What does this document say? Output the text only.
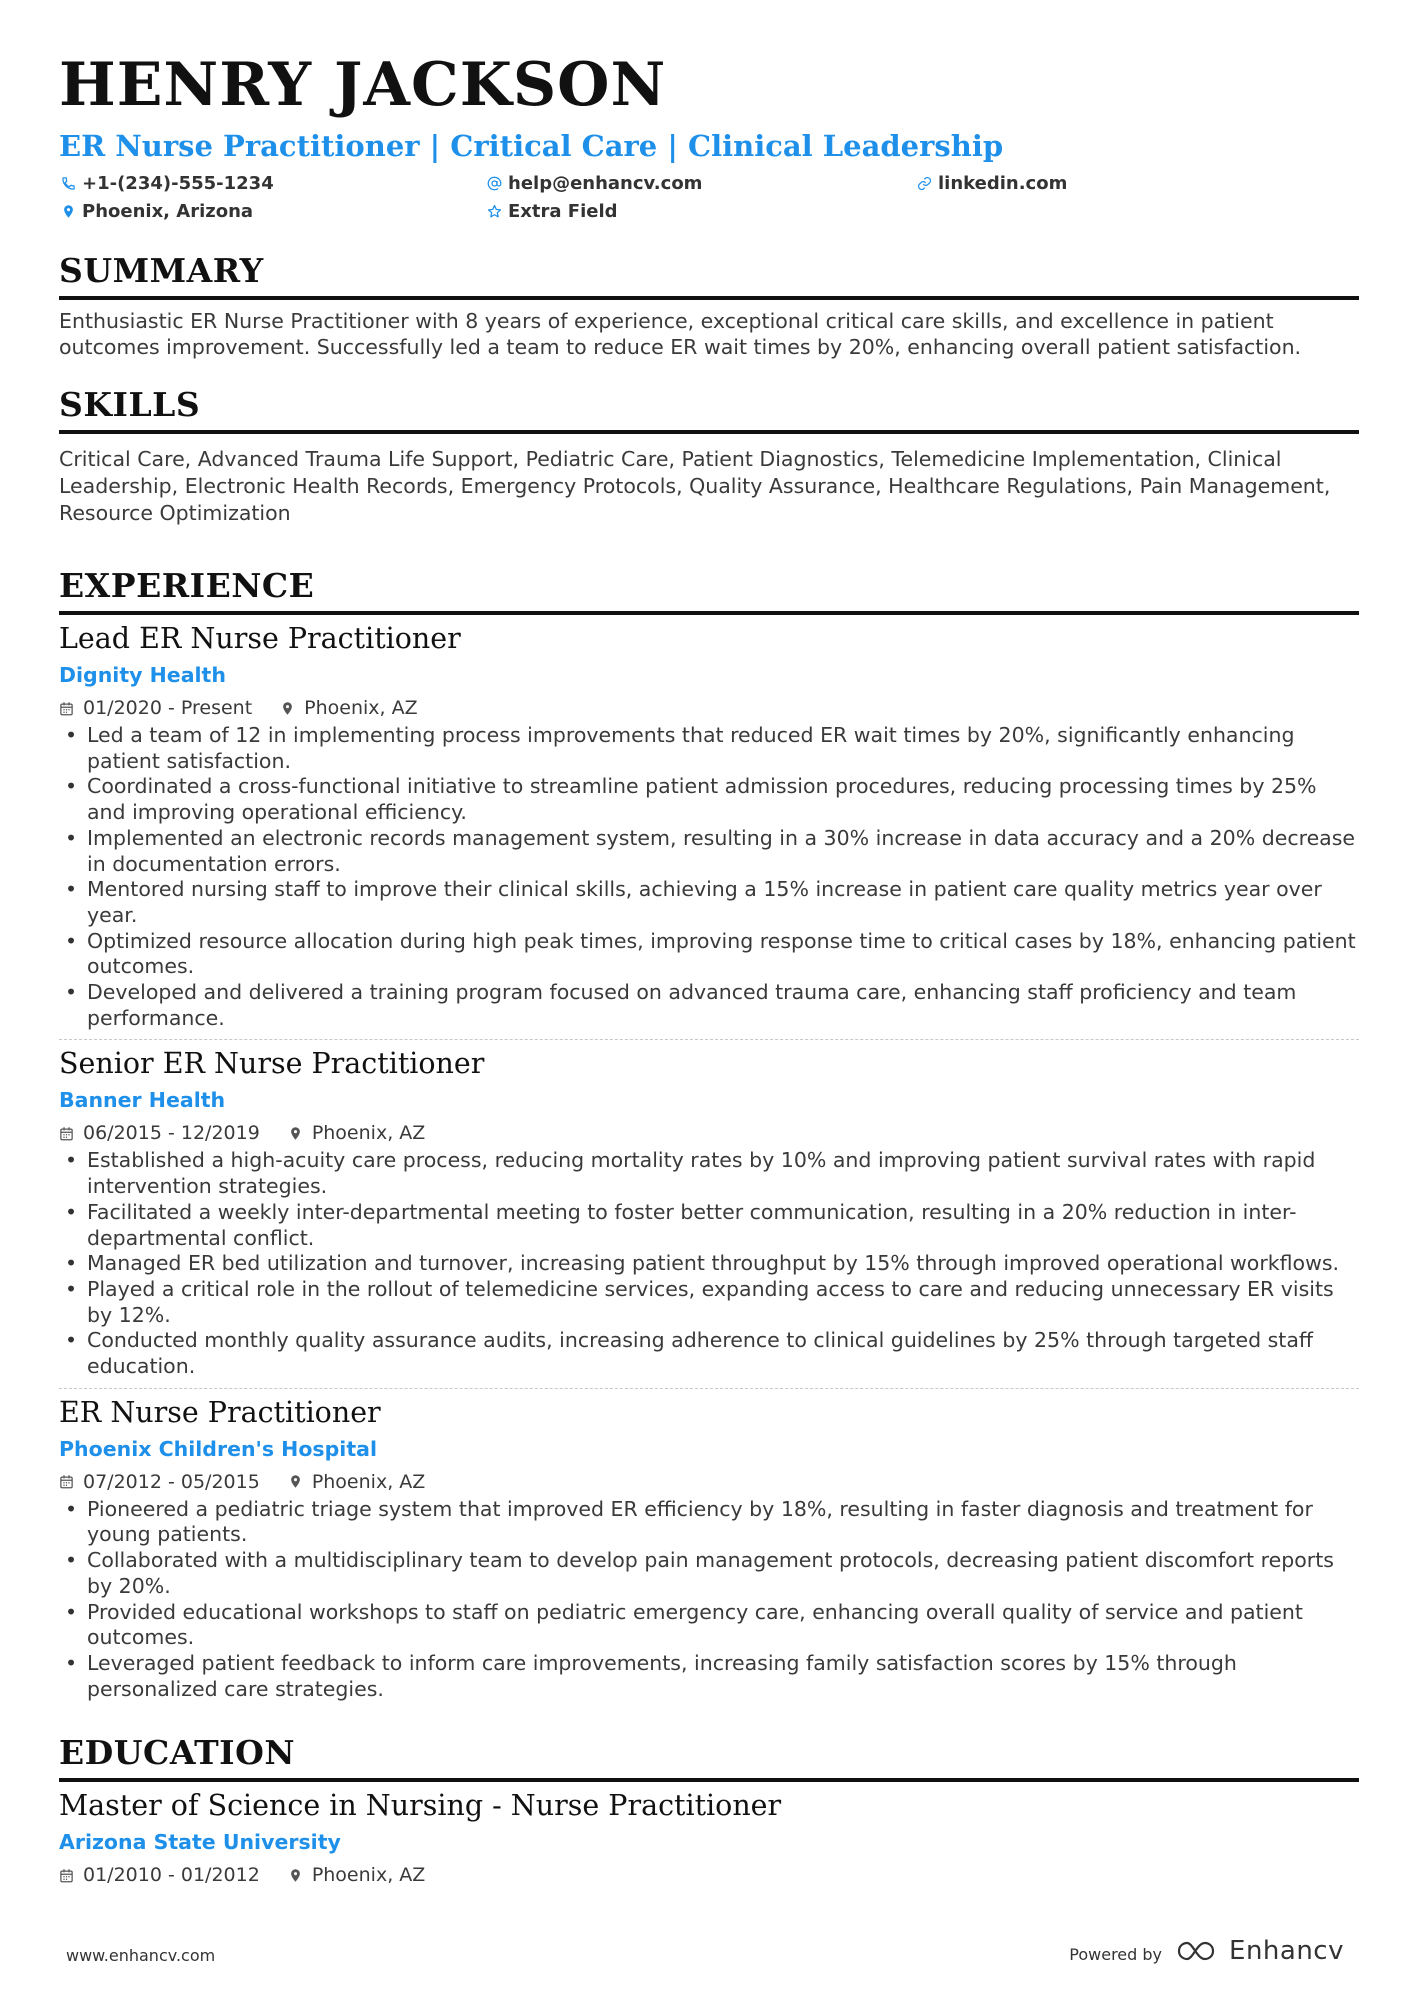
HENRY JACKSON
ER Nurse Practitioner | Critical Care | Clinical Leadership
+1-(234)-555-1234	help@enhancv.com	linkedin.com
Phoenix, Arizona	Extra Field
SUMMARY

Enthusiastic ER Nurse Practitioner with 8 years of experience, exceptional critical care skills, and excellence in patient outcomes improvement. Successfully led a team to reduce ER wait times by 20%, enhancing overall patient satisfaction.

SKILLS

Critical Care, Advanced Trauma Life Support, Pediatric Care, Patient Diagnostics, Telemedicine Implementation, Clinical Leadership, Electronic Health Records, Emergency Protocols, Quality Assurance, Healthcare Regulations, Pain Management, Resource Optimization

EXPERIENCE
Lead ER Nurse Practitioner
Dignity Health
01/2020 - Present	Phoenix, AZ
• Led a team of 12 in implementing process improvements that reduced ER wait times by 20%, significantly enhancing patient satisfaction.
• Coordinated a cross-functional initiative to streamline patient admission procedures, reducing processing times by 25% and improving operational efficiency.
• Implemented an electronic records management system, resulting in a 30% increase in data accuracy and a 20% decrease in documentation errors.
• Mentored nursing staff to improve their clinical skills, achieving a 15% increase in patient care quality metrics year over year.
• Optimized resource allocation during high peak times, improving response time to critical cases by 18%, enhancing patient outcomes.
• Developed and delivered a training program focused on advanced trauma care, enhancing staff proficiency and team performance.
Senior ER Nurse Practitioner
Banner Health
06/2015 - 12/2019	Phoenix, AZ
• Established a high-acuity care process, reducing mortality rates by 10% and improving patient survival rates with rapid intervention strategies.
• Facilitated a weekly inter-departmental meeting to foster better communication, resulting in a 20% reduction in inter-departmental conflict.
• Managed ER bed utilization and turnover, increasing patient throughput by 15% through improved operational workflows.
• Played a critical role in the rollout of telemedicine services, expanding access to care and reducing unnecessary ER visits by 12%.
• Conducted monthly quality assurance audits, increasing adherence to clinical guidelines by 25% through targeted staff education.
ER Nurse Practitioner
Phoenix Children's Hospital
07/2012 - 05/2015	Phoenix, AZ
• Pioneered a pediatric triage system that improved ER efficiency by 18%, resulting in faster diagnosis and treatment for young patients.
• Collaborated with a multidisciplinary team to develop pain management protocols, decreasing patient discomfort reports by 20%.
• Provided educational workshops to staff on pediatric emergency care, enhancing overall quality of service and patient outcomes.
• Leveraged patient feedback to inform care improvements, increasing family satisfaction scores by 15% through personalized care strategies.
EDUCATION
Master of Science in Nursing - Nurse Practitioner
Arizona State University
01/2010 - 01/2012	Phoenix, AZ
www.enhancv.com	Powered by	Enhancv
